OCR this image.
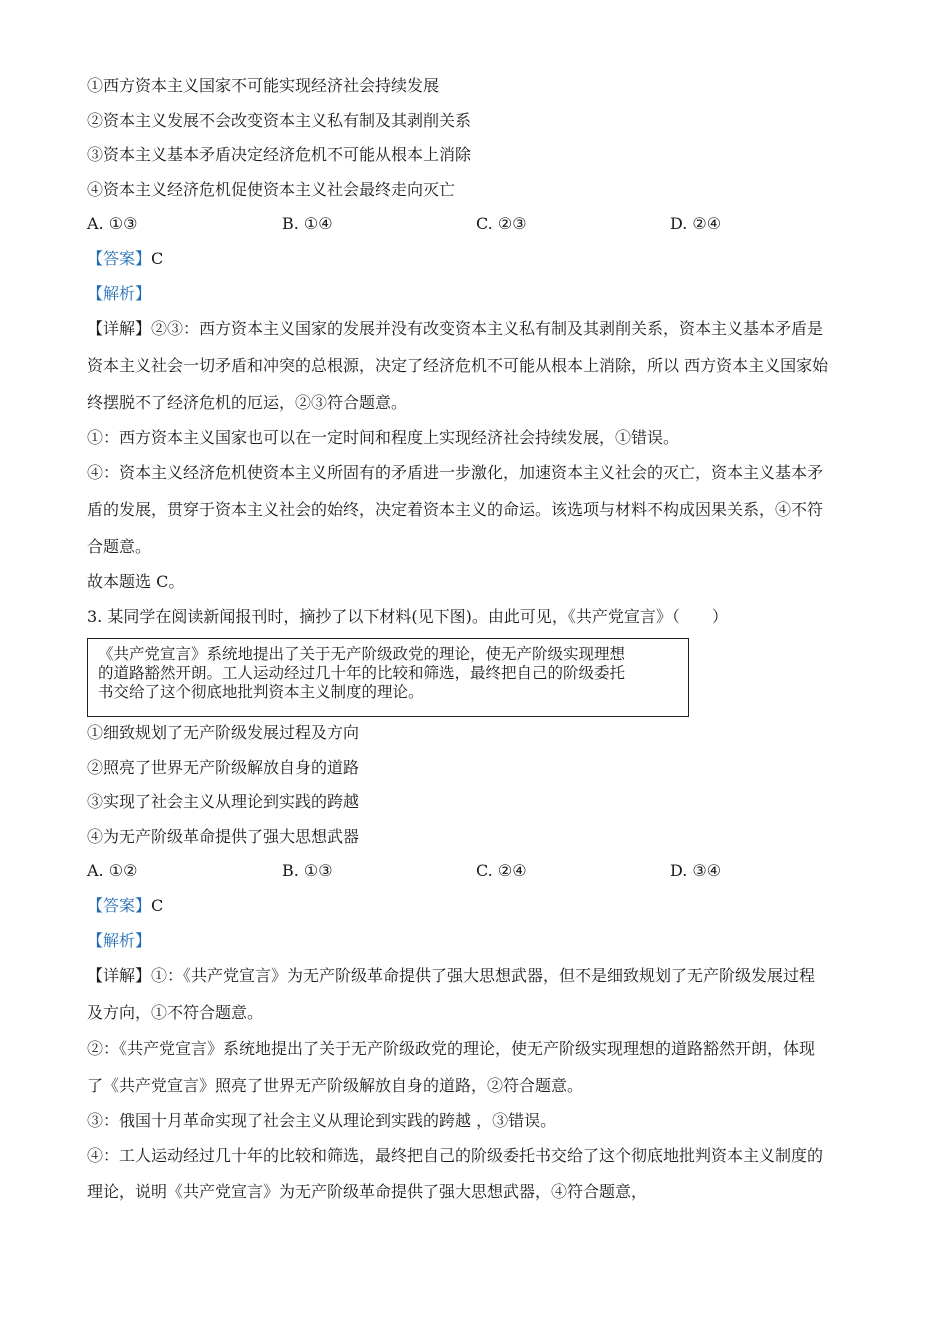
①西方资本主义国家不可能实现经济社会持续发展
②资本主义发展不会改变资本主义私有制及其剥削关系
③资本主义基本矛盾决定经济危机不可能从根本上消除
④资本主义经济危机促使资本主义社会最终走向灭亡
A. ①③	B. ①④	C. ②③	D. ②④
【答案】C
【解析】
【详解】②③：西方资本主义国家的发展并没有改变资本主义私有制及其剥削关系，资本主义基本矛盾是
资本主义社会一切矛盾和冲突的总根源，决定了经济危机不可能从根本上消除，所以 西方资本主义国家始
终摆脱不了经济危机的厄运，②③符合题意。
①：西方资本主义国家也可以在一定时间和程度上实现经济社会持续发展，①错误。
④：资本主义经济危机使资本主义所固有的矛盾进一步激化，加速资本主义社会的灭亡，资本主义基本矛
盾的发展，贯穿于资本主义社会的始终，决定着资本主义的命运。该选项与材料不构成因果关系，④不符
合题意。
故本题选 C。
3. 某同学在阅读新闻报刊时，摘抄了以下材料(见下图)。由此可见，《共产党宣言》（　　）
《共产党宣言》系统地提出了关于无产阶级政党的理论，使无产阶级实现理想
的道路豁然开朗。工人运动经过几十年的比较和筛选，最终把自己的阶级委托
书交给了这个彻底地批判资本主义制度的理论。
①细致规划了无产阶级发展过程及方向
②照亮了世界无产阶级解放自身的道路
③实现了社会主义从理论到实践的跨越
④为无产阶级革命提供了强大思想武器
A. ①②	B. ①③	C. ②④	D. ③④
【答案】C
【解析】
【详解】①：《共产党宣言》为无产阶级革命提供了强大思想武器，但不是细致规划了无产阶级发展过程
及方向，①不符合题意。
②：《共产党宣言》系统地提出了关于无产阶级政党的理论，使无产阶级实现理想的道路豁然开朗，体现
了《共产党宣言》照亮了世界无产阶级解放自身的道路，②符合题意。
③：俄国十月革命实现了社会主义从理论到实践的跨越 ，③错误。
④：工人运动经过几十年的比较和筛选，最终把自己的阶级委托书交给了这个彻底地批判资本主义制度的
理论，说明《共产党宣言》为无产阶级革命提供了强大思想武器，④符合题意，
